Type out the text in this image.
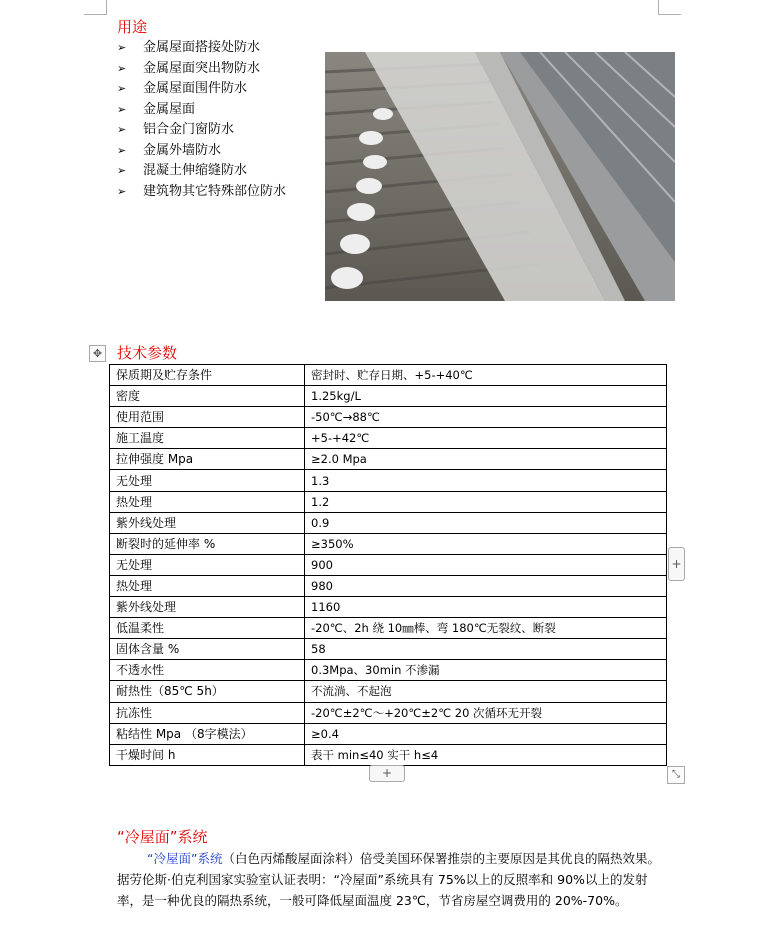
用途
➢	金属屋面搭接处防水
➢	金属屋面突出物防水
➢	金属屋面围件防水
➢	金属屋面
➢	铝合金门窗防水
➢	金属外墙防水
➢	混凝土伸缩缝防水
➢	建筑物其它特殊部位防水
✥ 技术参数
保质期及贮存条件	密封时、贮存日期、+5-+40℃
密度	1.25kg/L
使用范围	-50℃→88℃
施工温度	+5-+42℃
拉伸强度 Mpa	≥2.0 Mpa
无处理	1.3
热处理	1.2
紫外线处理	0.9
断裂时的延伸率 %	≥350%
无处理	900
热处理	980
紫外线处理	1160
低温柔性	-20℃、2h 绕 10㎜棒、弯 180℃无裂纹、断裂
固体含量 %	58
不透水性	0.3Mpa、30min 不渗漏
耐热性（85℃ 5h）	不流淌、不起泡
抗冻性	-20℃±2℃～+20℃±2℃ 20 次循环无开裂
粘结性 Mpa （8字模法）	≥0.4
干燥时间 h	表干 min≤40 实干 h≤4
+
+	⤡
“冷屋面”系统
“冷屋面”系统（白色丙烯酸屋面涂料）倍受美国环保署推崇的主要原因是其优良的隔热效果。据劳伦斯·伯克利国家实验室认证表明：“冷屋面”系统具有 75%以上的反照率和 90%以上的发射率，是一种优良的隔热系统，一般可降低屋面温度 23℃，节省房屋空调费用的 20%-70%。
